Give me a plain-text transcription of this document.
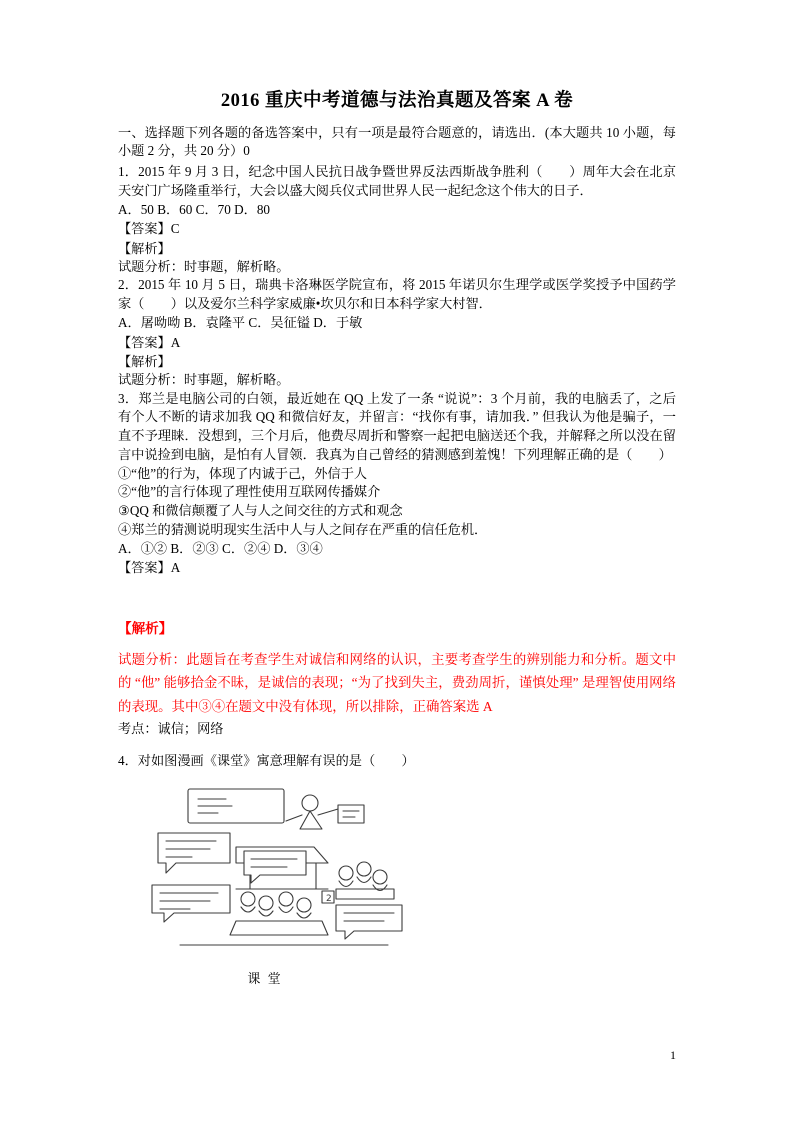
2016 重庆中考道德与法治真题及答案 A 卷

一、选择题下列各题的备选答案中，只有一项是最符合题意的，请选出．(本大题共 10 小题，每小题 2 分，共 20 分）0

1．2015 年 9 月 3 日，纪念中国人民抗日战争暨世界反法西斯战争胜利（　　）周年大会在北京天安门广场隆重举行，大会以盛大阅兵仪式同世界人民一起纪念这个伟大的日子．

A．50 B．60 C．70 D．80

【答案】C

【解析】

试题分析：时事题，解析略。

2．2015 年 10 月 5 日，瑞典卡洛琳医学院宣布，将 2015 年诺贝尔生理学或医学奖授予中国药学家（　　）以及爱尔兰科学家威廉•坎贝尔和日本科学家大村智．

A．屠呦呦 B．袁隆平 C．吴征镒 D．于敏

【答案】A

【解析】

试题分析：时事题，解析略。

3．郑兰是电脑公司的白领，最近她在 QQ 上发了一条 “说说”：3 个月前，我的电脑丢了，之后有个人不断的请求加我 QQ 和微信好友，并留言：“找你有事，请加我．” 但我认为他是骗子，一直不予理睐．没想到，三个月后，他费尽周折和警察一起把电脑送还个我，并解释之所以没在留言中说捡到电脑，是怕有人冒领．我真为自己曾经的猜测感到羞愧！下列理解正确的是（　　）

①“他”的行为，体现了内诚于己，外信于人

②“他”的言行体现了理性使用互联网传播媒介

③QQ 和微信颠覆了人与人之间交往的方式和观念

④郑兰的猜测说明现实生活中人与人之间存在严重的信任危机．

A．①② B．②③ C．②④ D．③④

【答案】A

【解析】

试题分析：此题旨在考查学生对诚信和网络的认识，主要考查学生的辨别能力和分析。题文中的 “他” 能够拾金不昧，是诚信的表现；“为了找到失主，费劲周折，谨慎处理” 是理智使用网络的表现。其中③④在题文中没有体现，所以排除，正确答案选 A

考点：诚信；网络

4．对如图漫画《课堂》寓意理解有误的是（　　）

2
课 堂
1
